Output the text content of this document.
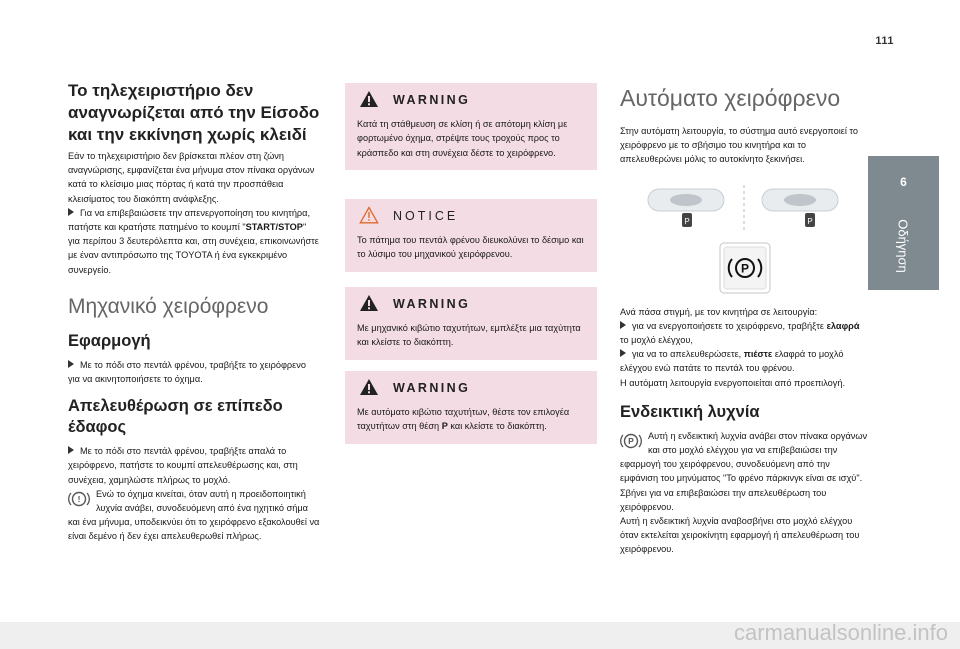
111
6
Οδήγηση
Το τηλεχειριστήριο δεν αναγνωρίζεται από την Είσοδο και την εκκίνηση χωρίς κλειδί

Εάν το τηλεχειριστήριο δεν βρίσκεται πλέον στη ζώνη αναγνώρισης, εμφανίζεται ένα μήνυμα στον πίνακα οργάνων κατά το κλείσιμο μιας πόρτας ή κατά την προσπάθεια κλεισίματος του διακόπτη ανάφλεξης.

Για να επιβεβαιώσετε την απενεργοποίηση του κινητήρα, πατήστε και κρατήστε πατημένο το κουμπί "START/STOP" για περίπου 3 δευτερόλεπτα και, στη συνέχεια, επικοινωνήστε με έναν αντιπρόσωπο της TOYOTA ή ένα εγκεκριμένο συνεργείο.

Μηχανικό χειρόφρενο
Εφαρμογή

Με το πόδι στο πεντάλ φρένου, τραβήξτε το χειρόφρενο για να ακινητοποιήσετε το όχημα.

Απελευθέρωση σε επίπεδο έδαφος

Με το πόδι στο πεντάλ φρένου, τραβήξτε απαλά το χειρόφρενο, πατήστε το κουμπί απελευθέρωσης και, στη συνέχεια, χαμηλώστε πλήρως το μοχλό.

!

Ενώ το όχημα κινείται, όταν αυτή η προειδοποιητική λυχνία ανάβει, συνοδευόμενη από ένα ηχητικό σήμα και ένα μήνυμα, υποδεικνύει ότι το χειρόφρενο εξακολουθεί να είναι δεμένο ή δεν έχει απελευθερωθεί πλήρως.

WARNING
Κατά τη στάθμευση σε κλίση ή σε απότομη κλίση με φορτωμένο όχημα, στρέψτε τους τροχούς προς το κράσπεδο και στη συνέχεια δέστε το χειρόφρενο.
NOTICE
Το πάτημα του πεντάλ φρένου διευκολύνει το δέσιμο και το λύσιμο του μηχανικού χειρόφρενου.
WARNING
Με μηχανικό κιβώτιο ταχυτήτων, εμπλέξτε μια ταχύτητα και κλείστε το διακόπτη.
WARNING
Με αυτόματο κιβώτιο ταχυτήτων, θέστε τον επιλογέα ταχυτήτων στη θέση P και κλείστε το διακόπτη.
Αυτόματο χειρόφρενο

Στην αυτόματη λειτουργία, το σύστημα αυτό ενεργοποιεί το χειρόφρενο με το σβήσιμο του κινητήρα και το απελευθερώνει μόλις το αυτοκίνητο ξεκινήσει.

P	P
P

Ανά πάσα στιγμή, με τον κινητήρα σε λειτουργία:

για να ενεργοποιήσετε το χειρόφρενο, τραβήξτε ελαφρά το μοχλό ελέγχου,

για να το απελευθερώσετε, πιέστε ελαφρά το μοχλό ελέγχου ενώ πατάτε το πεντάλ του φρένου.

Η αυτόματη λειτουργία ενεργοποιείται από προεπιλογή.

Ενδεικτική λυχνία
P

Αυτή η ενδεικτική λυχνία ανάβει στον πίνακα οργάνων και στο μοχλό ελέγχου για να επιβεβαιώσει την εφαρμογή του χειρόφρενου, συνοδευόμενη από την εμφάνιση του μηνύματος "Το φρένο πάρκινγκ είναι σε ισχύ".

Σβήνει για να επιβεβαιώσει την απελευθέρωση του χειρόφρενου.

Αυτή η ενδεικτική λυχνία αναβοσβήνει στο μοχλό ελέγχου όταν εκτελείται χειροκίνητη εφαρμογή ή απελευθέρωση του χειρόφρενου.

carmanualsonline.info
